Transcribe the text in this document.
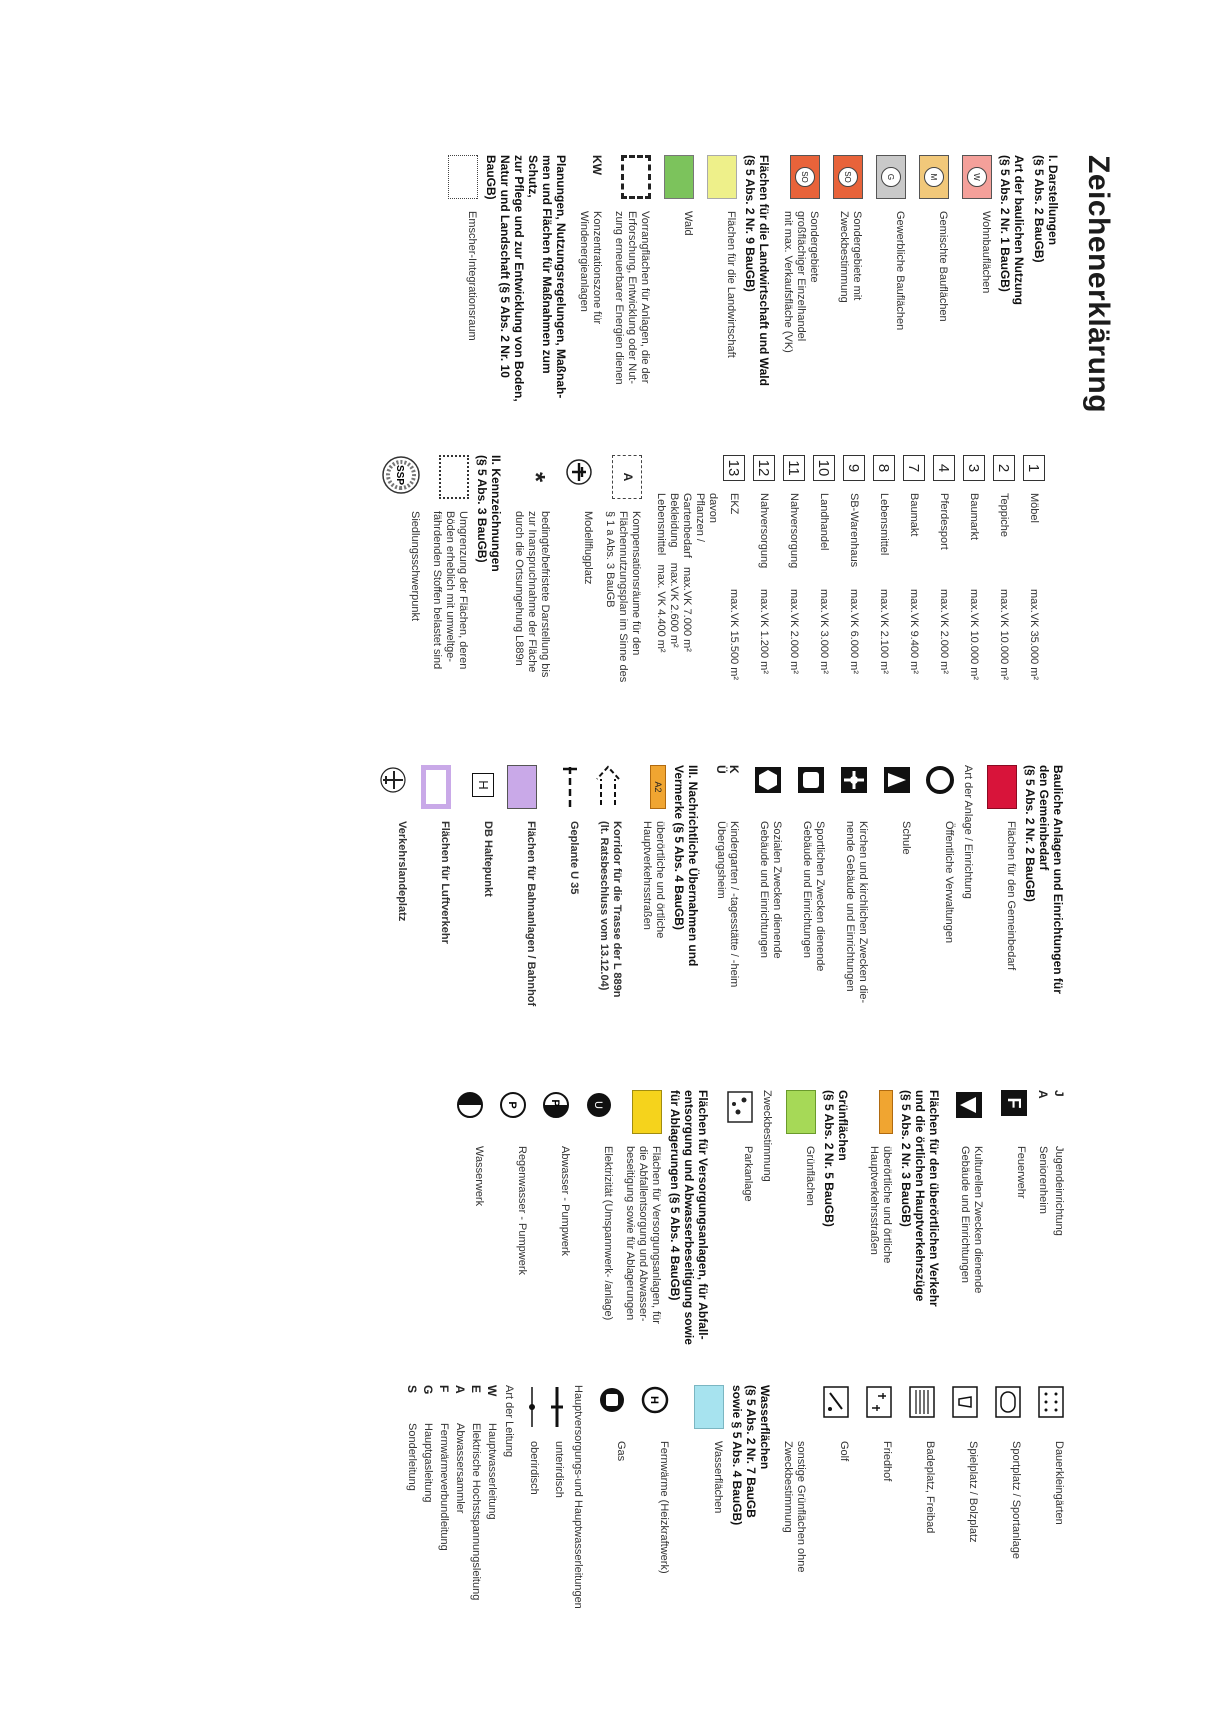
Zeichenerklärung
I. Darstellungen
(§ 5 Abs. 2 BauGB)
Art der baulichen Nutzung
(§ 5 Abs. 2 Nr. 1 BauGB)
W
Wohnbauflächen
M
Gemischte Bauflächen
G
Gewerbliche Bauflächen
SO
Sondergebiete mit
Zweckbestimmung
SO
Sondergebiete
großflächiger Einzelhandel
mit max. Verkaufsfläche (VK)
Flächen für die Landwirtschaft und Wald
(§ 5 Abs. 2 Nr. 9 BauGB)
Flächen für die Landwirtschaft
Wald
Vorrangflächen für Anlagen, die der
Erforschung, Entwicklung oder Nut-
zung erneuerbarer Energien dienen
KW
Konzentrationszone für
Windenergieanlagen
Planungen, Nutzungsregelungen, Maßnah-
men und Flächen für Maßnahmen zum Schutz,
zur Pflege und zur Entwicklung von Boden,
Natur und Landschaft (§ 5 Abs. 2 Nr. 10 BauGB)
Emscher-Integrationsraum
1
Möbel
max.VK 35.000 m²
2
Teppiche
max.VK 10.000 m²
3
Baumarkt
max.VK 10.000 m²
4
Pferdesport
max.VK 2.000 m²
7
Baumakt
max.VK 9.400 m²
8
Lebensmittel
max.VK 2.100 m²
9
SB-Warenhaus
max.VK 6.000 m²
10
Landhandel
max.VK 3.000 m²
11
Nahversorgung
max.VK 2.000 m²
12
Nahversorgung
max.VK 1.200 m²
13
EKZ
max.VK 15.500 m²
davon
Pflanzen /
Gartenbedarf   max.VK 7.000 m²
Bekleidung     max.VK 2.600 m²
Lebensmittel   max. VK 4.400 m²
A
Kompensationsräume für den
Flächennutzungsplan im Sinne des
§ 1 a Abs. 3 BauGB
Modellflugplatz
*
bedingte/befristete Darstellung bis
zur Inanspruchnahme der Fläche
durch die Ortsumgehung L889n
II. Kennzeichnungen
(§ 5 Abs. 3 BauGB)
Umgrenzung der Flächen, deren
Böden erheblich mit umweltge-
fährdenden Stoffen belastet sind
SSP
Siedlungsschwerpunkt
Bauliche Anlagen und Einrichtungen für
den Gemeinbedarf
(§ 5 Abs. 2 Nr. 2 BauGB)
Flächen für den Gemeinbedarf
Art der Anlage / Einrichtung
Öffentliche Verwaltungen
Schule
Kirchen und kirchlichen Zwecken die-
nende Gebäude und Einrichtungen
Sportlichen Zwecken dienende
Gebäude und Einrichtungen
Sozialen Zwecken dienende
Gebäude und Einrichtungen
K
Ü
Kindergarten / -tagesstätte / -heim
Übergangsheim
III. Nachrichtliche Übernahmen und
Vermerke (§ 5 Abs. 4 BauGB)
A2
überörtliche und örtliche
Hauptverkehrsstraßen
Korridor für die Trasse der L 889n
(lt. Ratsbeschluss vom 13.12.04)
Geplante U 35
Flächen für Bahnanlagen / Bahnhof
H
DB Haltepunkt
Flächen für Luftverkehr
Verkehrslandeplatz
J
Jugendeinrichtung
A
Seniorenheim
F
Feuerwehr
Kulturellen Zwecken dienende
Gebäude und Einrichtungen
Flächen für den überörtlichen Verkehr
und die örtlichen Hauptverkehrszüge
(§ 5 Abs. 2 Nr. 3 BauGB)
überörtliche und örtliche
Hauptverkehrsstraßen
Grünflächen
(§ 5 Abs. 2 Nr. 5 BauGB)
Grünflächen
Zweckbestimmung
Parkanlage
Flächen für Versorgungsanlagen, für Abfall-
entsorgung und Abwasserbeseitigung sowie
für Ablagerungen (§ 5 Abs. 4 BauGB)
Flächen für Versorgungsanlagen, für
die Abfallentsorgung und Abwasser-
beseitigung sowie für Ablagerungen
U
Elektrizität (Umspannwerk- /anlage)
P
Abwasser - Pumpwerk
P
Regenwasser - Pumpwerk
Wasserwerk
Dauerkleingärten
Sportplatz / Sportanlage
Spielplatz / Bolzplatz
Badeplatz, Freibad
Friedhof
Golf
sonstige Grünflächen ohne
Zweckbestimmung
Wasserflächen
(§ 5 Abs. 2 Nr. 7 BauGB
sowie § 5 Abs. 4 BauGB)
Wasserflächen
H
Fernwärme (Heizkraftwerk)
Gas
Hauptversorgungs-und Hauptwasserleitungen
unterirdisch
oberirdisch
Art der Leitung
W
Hauptwasserleitung
E
Elektrische Hochstspannungsleitung
A
Abwassersammler
F
Fernwärmeverbundleitung
G
Hauptgasleitung
S
Sonderleitung
